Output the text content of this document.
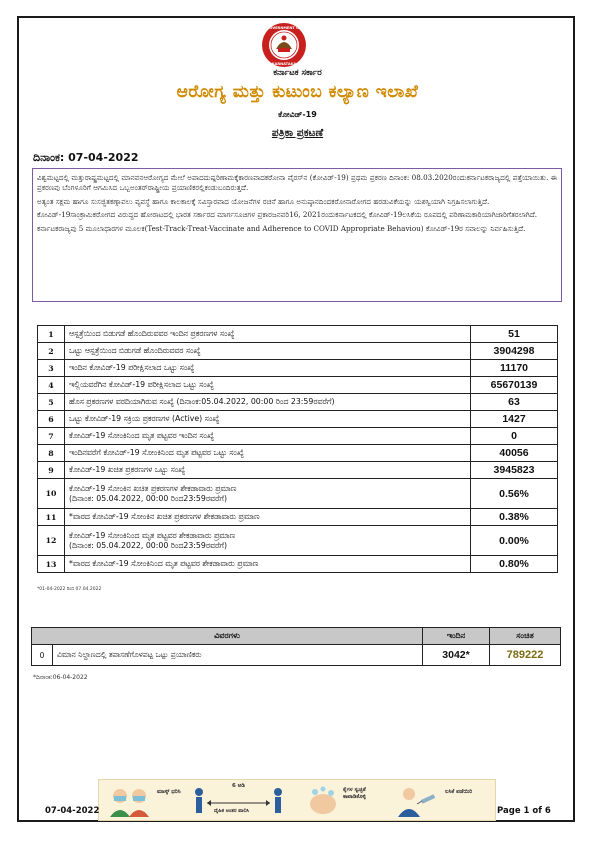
GOVERNMENT OF
KARNATAKA
ಕರ್ನಾಟಕ ಸರ್ಕಾರ
ಆರೋಗ್ಯ ಮತ್ತು ಕುಟುಂಬ ಕಲ್ಯಾಣ ಇಲಾಖೆ
ಕೋವಿಡ್-19
ಪತ್ರಿಕಾ ಪ್ರಕಟಣೆ
ದಿನಾಂಕ: 07-04-2022

ವಿಶ್ವಮಟ್ಟದಲ್ಲಿ ಮತ್ತುರಾಷ್ಟ್ರಮಟ್ಟದಲ್ಲಿ ಮಾನವನಆರೋಗ್ಯದ ಮೇಲೆ ಅಪಾದದುಷ್ಪರಿಣಾಮಕ್ಕೆಕಾರಣವಾದಕರೋನಾ ವೈರಸ್‌ನ (ಕೋವಿಡ್-19) ಪ್ರಥಮ ಪ್ರಕರಣ ದಿನಾಂಕ: 08.03.2020ರಂದುಕರ್ನಾಟಕರಾಜ್ಯದಲ್ಲಿ ಪತ್ತೆಯಾಯಿತು. ಈ ಪ್ರಕರಣವು ಬೆಂಗಳೂರಿಗೆ ಆಗಮಿಸಿದ ಒಬ್ಬಅಂತರ್‌ರಾಷ್ಟ್ರೀಯ ಪ್ರಯಾಣಿಕರಲ್ಲಿಕಂಡುಬಂದಿರುತ್ತದೆ.

ಅತ್ಯಂತ ಸಕ್ಷಮ ಹಾಗೂ ಸುಸಜ್ಜಿತಕಣ್ಗಾವಲು ವ್ಯವಸ್ಥೆ ಹಾಗೂ ಕಾಲಕಾಲಕ್ಕೆ ಸವಿಸ್ತಾರವಾದ ಯೋಜನೆಗಳ ರಚನೆ ಹಾಗೂ ಅನುಷ್ಠಾನದಿಂದಕರೋನಾರೋಗದ ಹರಡುವಿಕೆಯನ್ನು ಯಶಸ್ವಿಯಾಗಿ ನಿಗ್ರಹಿಸಲಾಗುತ್ತಿದೆ.

ಕೋವಿಡ್-19ಸಾಂಕ್ರಾಮಿಕರೋಗದ ವಿರುದ್ಧದ ಹೋರಾಟದಲ್ಲಿ ಭಾರತ ಸರ್ಕಾರದ ಮಾರ್ಗಸೂಚಿಗಳ ಪ್ರಕಾರಜನವರಿ16, 2021ರಂದುಕರ್ನಾಟಕದಲ್ಲಿ ಕೋವಿಡ್-19ಲಸಿಕೆಯ ರೂಪದಲ್ಲಿ ಪರಿಣಾಮಕಾರಿಯಾಗಿಜಾರಿಗೆತರಲಾಗಿದೆ.

ಕರ್ನಾಟಕರಾಜ್ಯವು 5 ಮೂಲಾಧಾರಗಳ ಮೂಲಕ(Test-Track-Treat-Vaccinate and Adherence to COVID Appropriate Behaviou) ಕೋವಿಡ್-19ರ ಸವಾಲನ್ನು ನಿರ್ವಹಿಸುತ್ತಿದೆ.

1	ಆಸ್ಪತ್ರೆಯಿಂದ ಬಿಡುಗಡೆ ಹೊಂದಿರುವವರ ಇಂದಿನ ಪ್ರಕರಣಗಳ ಸಂಖ್ಯೆ	51
2	ಒಟ್ಟು ಆಸ್ಪತ್ರೆಯಿಂದ ಬಿಡುಗಡೆ ಹೊಂದಿರುವವರ ಸಂಖ್ಯೆ	3904298
3	ಇಂದಿನ ಕೋವಿಡ್-19 ಪರೀಕ್ಷಿಸಲಾದ ಒಟ್ಟು ಸಂಖ್ಯೆ	11170
4	ಇಲ್ಲಿಯವರೆಗಿನ ಕೋವಿಡ್-19 ಪರೀಕ್ಷಿಸಲಾದ ಒಟ್ಟು ಸಂಖ್ಯೆ	65670139
5	ಹೊಸ ಪ್ರಕರಣಗಳ ವರದಿಯಾಗಿರುವ ಸಂಖ್ಯೆ (ದಿನಾಂಕ:05.04.2022, 00:00 ರಿಂದ 23:59ರವರೆಗೆ)	63
6	ಒಟ್ಟು ಕೋವಿಡ್-19 ಸಕ್ರಿಯ ಪ್ರಕರಣಗಳ (Active) ಸಂಖ್ಯೆ	1427
7	ಕೋವಿಡ್-19 ಸೋಂಕಿನಿಂದ ಮೃತ ಪಟ್ಟವರ ಇಂದಿನ ಸಂಖ್ಯೆ	0
8	ಇಂದಿನವರೆಗೆ ಕೋವಿಡ್-19 ಸೋಂಕಿನಿಂದ ಮೃತ ಪಟ್ಟವರ ಒಟ್ಟು ಸಂಖ್ಯೆ	40056
9	ಕೋವಿಡ್-19 ಖಚಿತ ಪ್ರಕರಣಗಳ ಒಟ್ಟು ಸಂಖ್ಯೆ	3945823
10	ಕೋವಿಡ್-19 ಸೋಂಕಿನ ಖಚಿತ ಪ್ರಕರಣಗಳ ಶೇಕಡಾವಾರು ಪ್ರಮಾಣ
(ದಿನಾಂಕ: 05.04.2022, 00:00 ರಿಂದ23:59ರವರೆಗೆ)	0.56%
11	*ವಾರದ ಕೋವಿಡ್-19 ಸೋಂಕಿನ ಖಚಿತ ಪ್ರಕರಣಗಳ ಶೇಕಡಾವಾರು ಪ್ರಮಾಣ	0.38%
12	ಕೋವಿಡ್-19 ಸೋಂಕಿನಿಂದ ಮೃತ ಪಟ್ಟವರ ಶೇಕಡಾವಾರು ಪ್ರಮಾಣ
(ದಿನಾಂಕ: 05.04.2022, 00:00 ರಿಂದ23:59ರವರೆಗೆ)	0.00%
13	*ವಾರದ ಕೋವಿಡ್-19 ಸೋಂಕಿನಿಂದ ಮೃತ ಪಟ್ಟವರ ಶೇಕಡಾವಾರು ಪ್ರಮಾಣ	0.80%
*01-04-2022 ರಿಂದ 07.04.2022
ವಿವರಗಳು		ಇಂದಿನ	ಸಂಚಿತ
0	ವಿಮಾನ ನಿಲ್ದಾಣದಲ್ಲಿ ತಪಾಸಣೆಗೊಳಪಟ್ಟ ಒಟ್ಟು ಪ್ರಯಾಣಿಕರು	3042*	789222
*ದಿನಾಂಕ:06-04-2022
ಮಾಸ್ಕ್ ಧರಿಸಿ
6 ಅಡಿ
ದೈಹಿಕ ಅಂತರ ಪಾಲಿಸಿ
ಕೈಗಳ ಸ್ವಚ್ಛತೆ ಕಾಪಾಡಿಕೊಳ್ಳಿ
ಲಸಿಕೆ ಪಡೆಯಿರಿ
07-04-2022	Page 1 of 6
